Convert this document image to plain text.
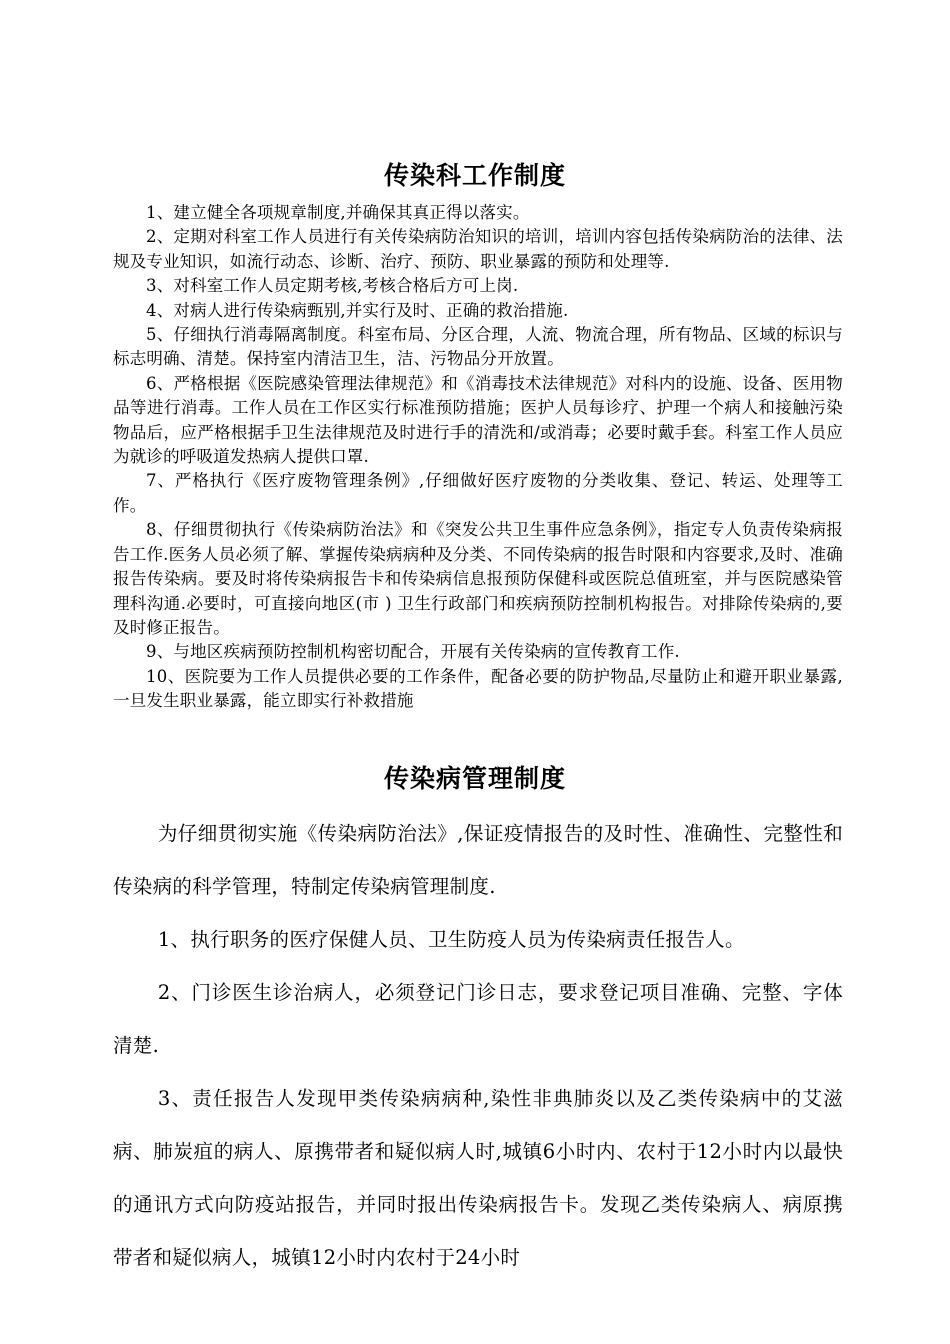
传染科工作制度

1、建立健全各项规章制度,并确保其真正得以落实。

2、定期对科室工作人员进行有关传染病防治知识的培训，培训内容包括传染病防治的法律、法规及专业知识，如流行动态、诊断、治疗、预防、职业暴露的预防和处理等.

3、对科室工作人员定期考核,考核合格后方可上岗.

4、对病人进行传染病甄别,并实行及时、正确的救治措施.

5、仔细执行消毒隔离制度。科室布局、分区合理，人流、物流合理，所有物品、区域的标识与标志明确、清楚。保持室内清洁卫生，洁、污物品分开放置。

6、严格根据《医院感染管理法律规范》和《消毒技术法律规范》对科内的设施、设备、医用物品等进行消毒。工作人员在工作区实行标准预防措施；医护人员每诊疗、护理一个病人和接触污染物品后，应严格根据手卫生法律规范及时进行手的清洗和/或消毒；必要时戴手套。科室工作人员应为就诊的呼吸道发热病人提供口罩.

7、严格执行《医疗废物管理条例》,仔细做好医疗废物的分类收集、登记、转运、处理等工作。

8、仔细贯彻执行《传染病防治法》和《突发公共卫生事件应急条例》，指定专人负责传染病报告工作.医务人员必须了解、掌握传染病病种及分类、不同传染病的报告时限和内容要求,及时、准确报告传染病。要及时将传染病报告卡和传染病信息报预防保健科或医院总值班室，并与医院感染管理科沟通.必要时，可直接向地区(市 ) 卫生行政部门和疾病预防控制机构报告。对排除传染病的,要及时修正报告。

9、与地区疾病预防控制机构密切配合，开展有关传染病的宣传教育工作.

10、医院要为工作人员提供必要的工作条件，配备必要的防护物品,尽量防止和避开职业暴露,一旦发生职业暴露，能立即实行补救措施

传染病管理制度

为仔细贯彻实施《传染病防治法》,保证疫情报告的及时性、准确性、完整性和传染病的科学管理，特制定传染病管理制度.

1、执行职务的医疗保健人员、卫生防疫人员为传染病责任报告人。

2、门诊医生诊治病人，必须登记门诊日志，要求登记项目准确、完整、字体清楚.

3、责任报告人发现甲类传染病病种,染性非典肺炎以及乙类传染病中的艾滋病、肺炭疽的病人、原携带者和疑似病人时,城镇6小时内、农村于12小时内以最快的通讯方式向防疫站报告，并同时报出传染病报告卡。发现乙类传染病人、病原携带者和疑似病人，城镇12小时内农村于24小时
